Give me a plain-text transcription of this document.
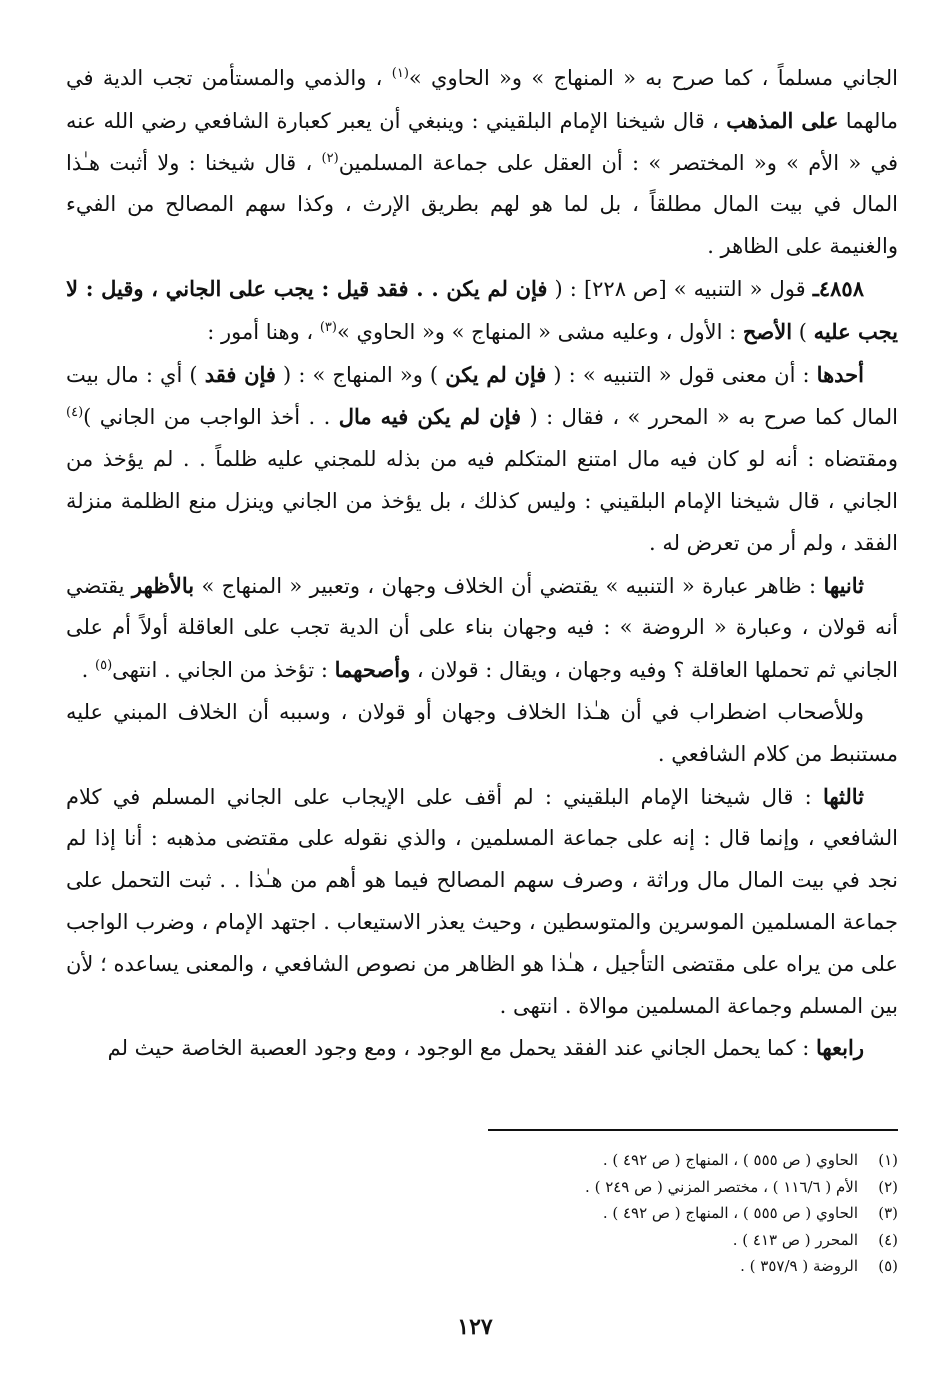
الجاني مسلماً ، كما صرح به « المنهاج » و« الحاوي »$^{(١)}$ ، والذمي والمستأمن تجب الدية في مالهما على المذهب ، قال شيخنا الإمام البلقيني : وينبغي أن يعبر كعبارة الشافعي رضي الله عنه في « الأم » و« المختصر » : أن العقل على جماعة المسلمين$^{(٢)}$ ، قال شيخنا : ولا أثبت هـٰذا المال في بيت المال مطلقاً ، بل لما هو لهم بطريق الإرث ، وكذا سهم المصالح من الفيء والغنيمة على الظاهر .

٤٨٥٨ـ قول « التنبيه » [ص ٢٢٨] : ( فإن لم يكن . . فقد قيل : يجب على الجاني ، وقيل : لا يجب عليه ) الأصح : الأول ، وعليه مشى « المنهاج » و« الحاوي »$^{(٣)}$ ، وهنا أمور :

أحدها : أن معنى قول « التنبيه » : ( فإن لم يكن ) و« المنهاج » : ( فإن فقد ) أي : مال بيت المال كما صرح به « المحرر » ، فقال : ( فإن لم يكن فيه مال . . أخذ الواجب من الجاني )$^{(٤)}$ ومقتضاه : أنه لو كان فيه مال امتنع المتكلم فيه من بذله للمجني عليه ظلماً . . لم يؤخذ من الجاني ، قال شيخنا الإمام البلقيني : وليس كذلك ، بل يؤخذ من الجاني وينزل منع الظلمة منزلة الفقد ، ولم أر من تعرض له .

ثانيها : ظاهر عبارة « التنبيه » يقتضي أن الخلاف وجهان ، وتعبير « المنهاج » بالأظهر يقتضي أنه قولان ، وعبارة « الروضة » : فيه وجهان بناء على أن الدية تجب على العاقلة أولاً أم على الجاني ثم تحملها العاقلة ؟ وفيه وجهان ، ويقال : قولان ، وأصحهما : تؤخذ من الجاني . انتهى$^{(٥)}$ .

وللأصحاب اضطراب في أن هـٰذا الخلاف وجهان أو قولان ، وسببه أن الخلاف المبني عليه مستنبط من كلام الشافعي .

ثالثها : قال شيخنا الإمام البلقيني : لم أقف على الإيجاب على الجاني المسلم في كلام الشافعي ، وإنما قال : إنه على جماعة المسلمين ، والذي نقوله على مقتضى مذهبه : أنا إذا لم نجد في بيت المال مال وراثة ، وصرف سهم المصالح فيما هو أهم من هـٰذا . . ثبت التحمل على جماعة المسلمين الموسرين والمتوسطين ، وحيث يعذر الاستيعاب . اجتهد الإمام ، وضرب الواجب على من يراه على مقتضى التأجيل ، هـٰذا هو الظاهر من نصوص الشافعي ، والمعنى يساعده ؛ لأن بين المسلم وجماعة المسلمين موالاة . انتهى .

رابعها : كما يحمل الجاني عند الفقد يحمل مع الوجود ، ومع وجود العصبة الخاصة حيث لم

(١)
الحاوي ( ص ٥٥٥ ) ، المنهاج ( ص ٤٩٢ ) .
(٢)
الأم ( ١١٦/٦ ) ، مختصر المزني ( ص ٢٤٩ ) .
(٣)
الحاوي ( ص ٥٥٥ ) ، المنهاج ( ص ٤٩٢ ) .
(٤)
المحرر ( ص ٤١٣ ) .
(٥)
الروضة ( ٣٥٧/٩ ) .
١٢٧
